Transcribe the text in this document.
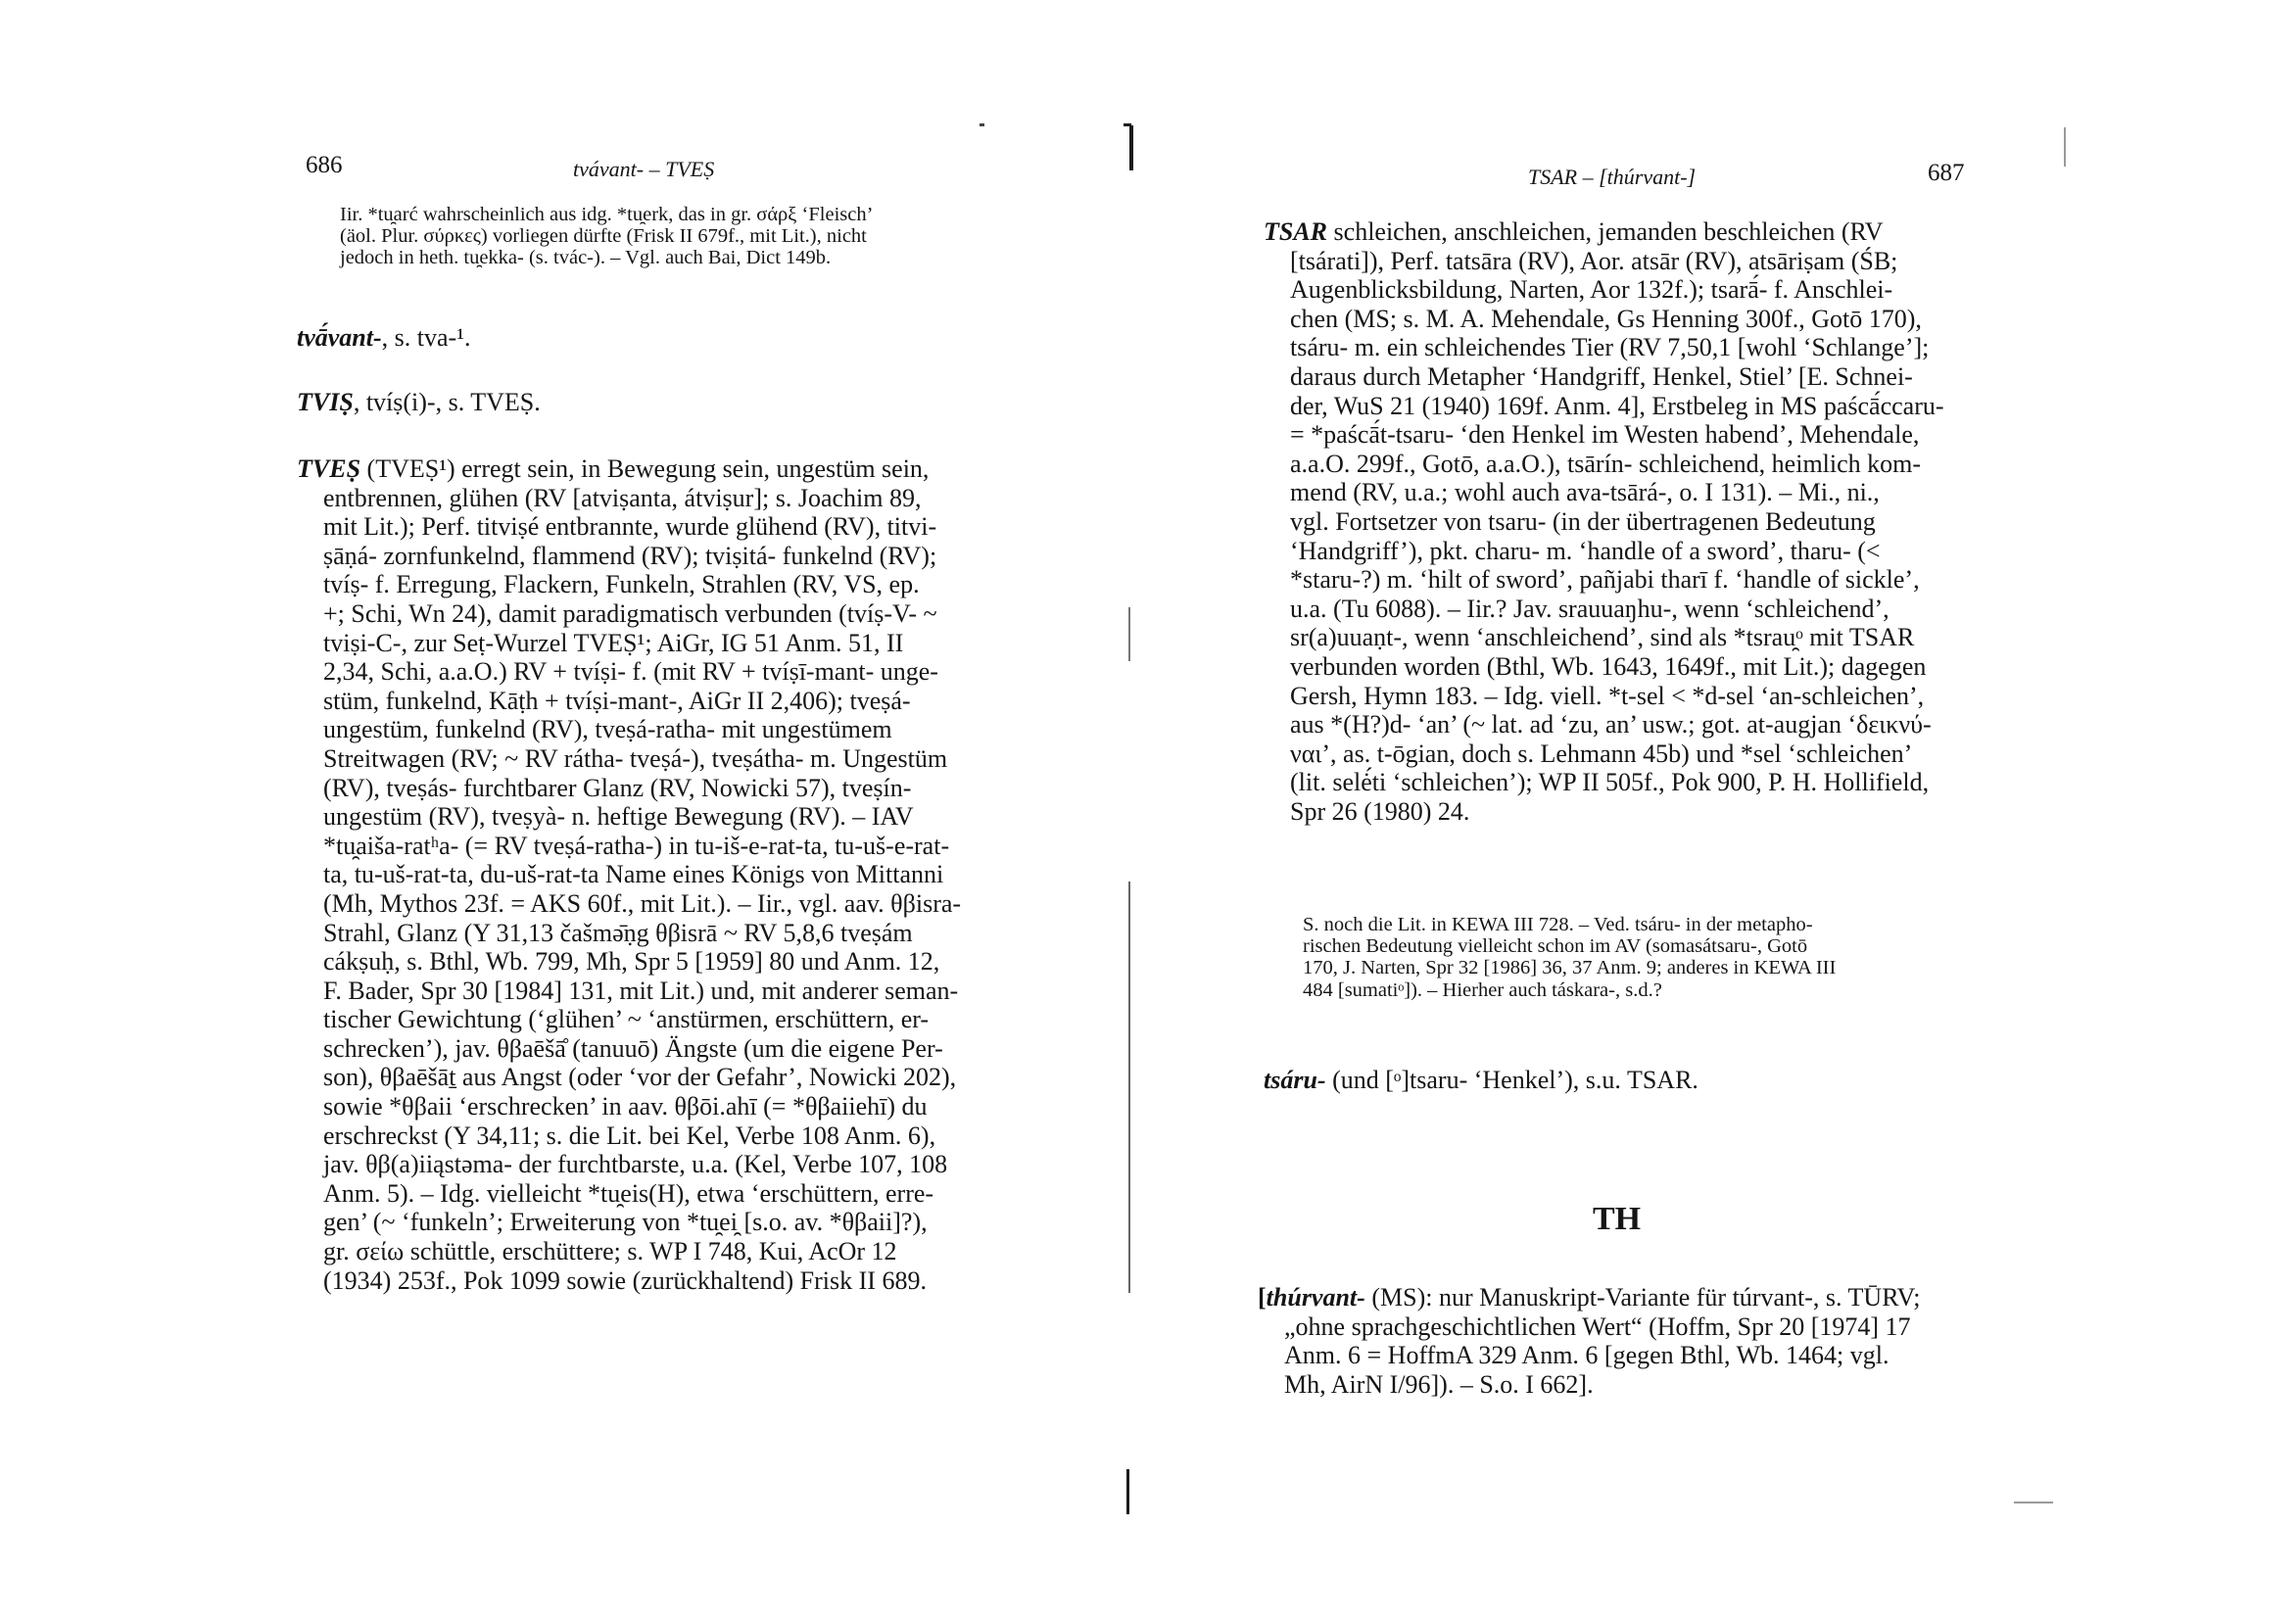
686	tvávant- – TVEṢ
Iir. *tu̯arć wahrscheinlich aus idg. *tu̯erk, das in gr. σάρξ ‘Fleisch’
(äol. Plur. σύρκες) vorliegen dürfte (Frisk II 679f., mit Lit.), nicht
jedoch in heth. tu̯ekka- (s. tvác-). – Vgl. auch Bai, Dict 149b.
tvā́vant-, s. tva-¹.
TVIṢ, tvíṣ(i)-, s. TVEṢ.
TVEṢ (TVEṢ¹) erregt sein, in Bewegung sein, ungestüm sein,
entbrennen, glühen (RV [atviṣanta, átviṣur]; s. Joachim 89,
mit Lit.); Perf. titviṣé entbrannte, wurde glühend (RV), titvi-
ṣāṇá- zornfunkelnd, flammend (RV); tviṣitá- funkelnd (RV);
tvíṣ- f. Erregung, Flackern, Funkeln, Strahlen (RV, VS, ep.
+; Schi, Wn 24), damit paradigmatisch verbunden (tvíṣ-V- ~
tviṣi-C-, zur Seṭ-Wurzel TVEṢ¹; AiGr, IG 51 Anm. 51, II
2,34, Schi, a.a.O.) RV + tvíṣi- f. (mit RV + tvíṣī-mant- unge-
stüm, funkelnd, Kāṭh + tvíṣi-mant-, AiGr II 2,406); tveṣá-
ungestüm, funkelnd (RV), tveṣá-ratha- mit ungestümem
Streitwagen (RV; ~ RV rátha- tveṣá-), tveṣátha- m. Ungestüm
(RV), tveṣás- furchtbarer Glanz (RV, Nowicki 57), tveṣín-
ungestüm (RV), tveṣyà- n. heftige Bewegung (RV). – IAV
*tu̯aiša-ratʰa- (= RV tveṣá-ratha-) in tu-iš-e-rat-ta, tu-uš-e-rat-
ta, tu-uš-rat-ta, du-uš-rat-ta Name eines Königs von Mittanni
(Mh, Mythos 23f. = AKS 60f., mit Lit.). – Iir., vgl. aav. θβisra-
Strahl, Glanz (Y 31,13 čašmə̄ṇg θβisrā ~ RV 5,8,6 tveṣám
cákṣuḥ, s. Bthl, Wb. 799, Mh, Spr 5 [1959] 80 und Anm. 12,
F. Bader, Spr 30 [1984] 131, mit Lit.) und, mit anderer seman-
tischer Gewichtung (‘glühen’ ~ ‘anstürmen, erschüttern, er-
schrecken’), jav. θβaēšā̊ (tanuuō) Ängste (um die eigene Per-
son), θβaēšāṯ aus Angst (oder ‘vor der Gefahr’, Nowicki 202),
sowie *θβaii ‘erschrecken’ in aav. θβōi.ahī (= *θβaiiehī) du
erschreckst (Y 34,11; s. die Lit. bei Kel, Verbe 108 Anm. 6),
jav. θβ(a)iiąstəma- der furchtbarste, u.a. (Kel, Verbe 107, 108
Anm. 5). – Idg. vielleicht *tu̯eis(H), etwa ‘erschüttern, erre-
gen’ (~ ‘funkeln’; Erweiterung von *tu̯ei̯ [s.o. av. *θβaii]?),
gr. σείω schüttle, erschüttere; s. WP I 748, Kui, AcOr 12
(1934) 253f., Pok 1099 sowie (zurückhaltend) Frisk II 689.
TSAR – [thúrvant-]	687
TSAR schleichen, anschleichen, jemanden beschleichen (RV
[tsárati]), Perf. tatsāra (RV), Aor. atsār (RV), atsāriṣam (ŚB;
Augenblicksbildung, Narten, Aor 132f.); tsarā́- f. Anschlei-
chen (MS; s. M. A. Mehendale, Gs Henning 300f., Gotō 170),
tsáru- m. ein schleichendes Tier (RV 7,50,1 [wohl ‘Schlange’];
daraus durch Metapher ‘Handgriff, Henkel, Stiel’ [E. Schnei-
der, WuS 21 (1940) 169f. Anm. 4], Erstbeleg in MS paścā́ccaru-
= *paścā́t-tsaru- ‘den Henkel im Westen habend’, Mehendale,
a.a.O. 299f., Gotō, a.a.O.), tsārín- schleichend, heimlich kom-
mend (RV, u.a.; wohl auch ava-tsārá-, o. I 131). – Mi., ni.,
vgl. Fortsetzer von tsaru- (in der übertragenen Bedeutung
‘Handgriff’), pkt. charu- m. ‘handle of a sword’, tharu- (<
*staru-?) m. ‘hilt of sword’, pañjabi tharī f. ‘handle of sickle’,
u.a. (Tu 6088). – Iir.? Jav. srauuaŋhu-, wenn ‘schleichend’,
sr(a)uuaṇt-, wenn ‘anschleichend’, sind als *tsrau̯ᵒ mit TSAR
verbunden worden (Bthl, Wb. 1643, 1649f., mit Lit.); dagegen
Gersh, Hymn 183. – Idg. viell. *t-sel < *d-sel ‘an-schleichen’,
aus *(H?)d- ‘an’ (~ lat. ad ‘zu, an’ usw.; got. at-augjan ‘δεικνύ-
ναι’, as. t-ōgian, doch s. Lehmann 45b) und *sel ‘schleichen’
(lit. selė́ti ‘schleichen’); WP II 505f., Pok 900, P. H. Hollifield,
Spr 26 (1980) 24.
S. noch die Lit. in KEWA III 728. – Ved. tsáru- in der metapho-
rischen Bedeutung vielleicht schon im AV (somasátsaru-, Gotō
170, J. Narten, Spr 32 [1986] 36, 37 Anm. 9; anderes in KEWA III
484 [sumatiᵒ]). – Hierher auch táskara-, s.d.?
tsáru- (und [ᵒ]tsaru- ‘Henkel’), s.u. TSAR.
TH
[thúrvant- (MS): nur Manuskript-Variante für túrvant-, s. TŪRV;
„ohne sprachgeschichtlichen Wert“ (Hoffm, Spr 20 [1974] 17
Anm. 6 = HoffmA 329 Anm. 6 [gegen Bthl, Wb. 1464; vgl.
Mh, AirN I/96]). – S.o. I 662].
